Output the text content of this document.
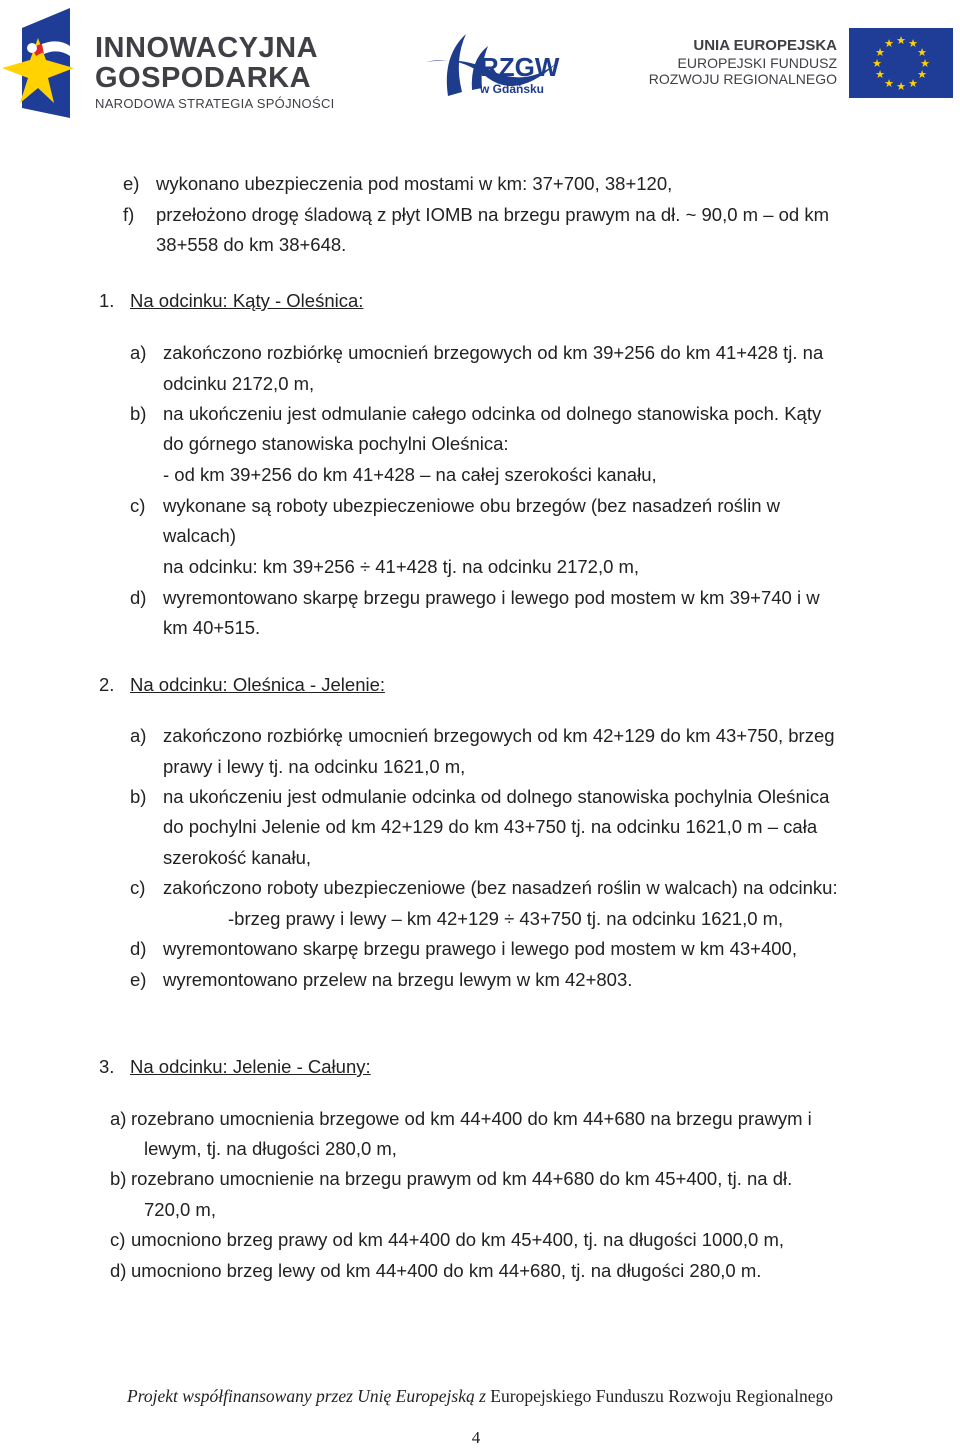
INNOWACYJNA
GOSPODARKA
NARODOWA STRATEGIA SPÓJNOŚCI
RZGW
w Gdańsku
UNIA EUROPEJSKA
EUROPEJSKI FUNDUSZ
ROZWOJU REGIONALNEGO
★ ★
★
★
★
★
★
★
★
★
★
★
e) wykonano ubezpieczenia pod mostami w km: 37+700, 38+120,
f) przełożono drogę śladową z płyt IOMB na brzegu prawym na dł. ~ 90,0 m – od km
38+558 do km 38+648.
1. Na odcinku: Kąty - Oleśnica:
a) zakończono rozbiórkę umocnień brzegowych od km 39+256 do km 41+428 tj. na
odcinku 2172,0 m,
b) na ukończeniu jest odmulanie całego odcinka od dolnego stanowiska poch. Kąty
do górnego stanowiska pochylni Oleśnica:
- od km 39+256 do km 41+428 – na całej szerokości kanału,
c) wykonane są roboty ubezpieczeniowe obu brzegów (bez nasadzeń roślin w
walcach)
na odcinku: km 39+256 ÷ 41+428 tj. na odcinku 2172,0 m,
d) wyremontowano skarpę brzegu prawego i lewego pod mostem w km 39+740 i w
km 40+515.
2. Na odcinku: Oleśnica - Jelenie:
a) zakończono rozbiórkę umocnień brzegowych od km 42+129 do km 43+750, brzeg
prawy i lewy tj. na odcinku 1621,0 m,
b) na ukończeniu jest odmulanie odcinka od dolnego stanowiska pochylnia Oleśnica
do pochylni Jelenie od km 42+129 do km 43+750 tj. na odcinku 1621,0 m – cała
szerokość kanału,
c) zakończono roboty ubezpieczeniowe (bez nasadzeń roślin w walcach) na odcinku:
-brzeg prawy i lewy – km 42+129 ÷ 43+750 tj. na odcinku 1621,0 m,
d) wyremontowano skarpę brzegu prawego i lewego pod mostem w km 43+400,
e) wyremontowano przelew na brzegu lewym w km 42+803.
3. Na odcinku: Jelenie - Całuny:
a) rozebrano umocnienia brzegowe od km 44+400 do km 44+680 na brzegu prawym i
lewym, tj. na długości 280,0 m,
b) rozebrano umocnienie na brzegu prawym od km 44+680 do km 45+400, tj. na dł.
720,0 m,
c) umocniono brzeg prawy od km 44+400 do km 45+400, tj. na długości 1000,0 m,
d) umocniono brzeg lewy od km 44+400 do km 44+680, tj. na długości 280,0 m.
Projekt współfinansowany przez Unię Europejską z Europejskiego Funduszu Rozwoju Regionalnego
4
